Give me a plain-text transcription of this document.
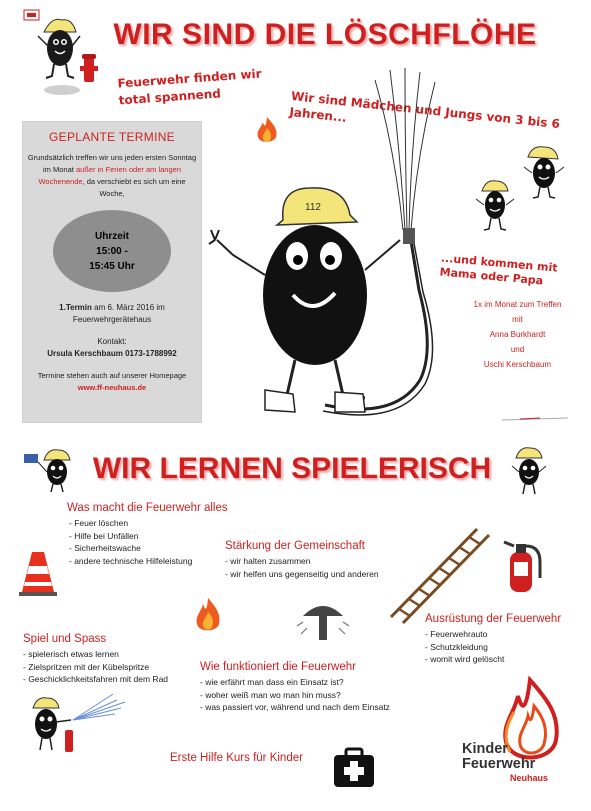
WIR SIND DIE LÖSCHFLÖHE
Feuerwehr finden wir total spannend	Wir sind Mädchen und Jungs von 3 bis 6 Jahren...
GEPLANTE TERMINE
Grundsätzlich treffen wir uns jeden ersten Sonntag im Monat außer in Ferien oder am langen Wochenende, da verschiebt es sich um eine Woche,
Uhrzeit
15:00 -
15:45 Uhr
1.Termin am 6. März 2016 im Feuerwehrgerätehaus
Kontakt:
Ursula Kerschbaum 0173-1788992
Termine stehen auch auf unserer Homepage
www.ff-neuhaus.de
112
...und kommen mit Mama oder Papa
1x im Monat zum Treffen
mit
Anna Burkhardt
und
Uschi Kerschbaum
WIR LERNEN SPIELERISCH
Was macht die Feuerwehr alles
- Feuer löschen
- Hilfe bei Unfällen
- Sicherheitswache
- andere technische Hilfeleistung
Stärkung der Gemeinschaft
- wir halten zusammen
- wir helfen uns gegenseitig und anderen
Ausrüstung der Feuerwehr
- Feuerwehrauto
- Schutzkleidung
- womit wird gelöscht
Spiel und Spass
- spielerisch etwas lernen
- Zielspritzen mit der Kübelspritze
- Geschicklichkeitsfahren mit dem Rad
Wie funktioniert die Feuerwehr
- wie erfährt man dass ein Einsatz ist?
- woher weiß man wo man hin muss?
- was passiert vor, während und nach dem Einsatz
Erste Hilfe Kurs für Kinder
Kinder
Feuerwehr
Neuhaus
